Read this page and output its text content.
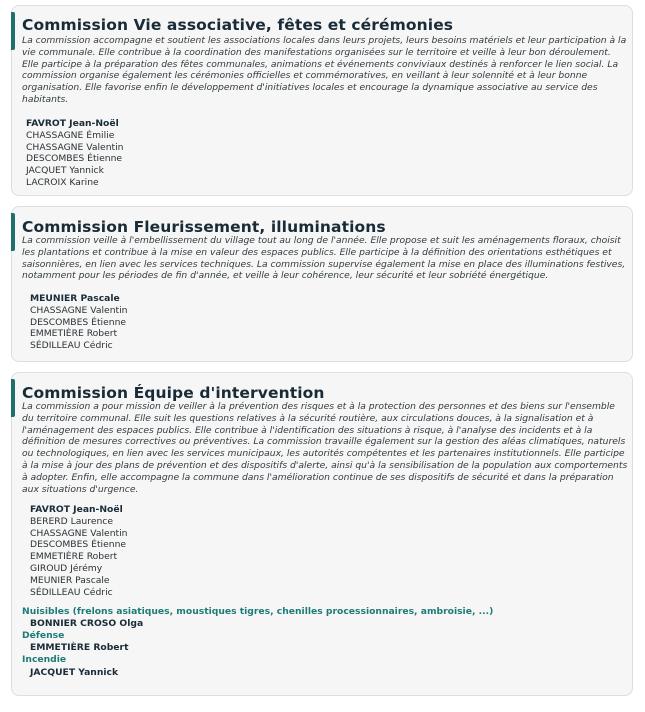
Commission Vie associative, fêtes et cérémonies

La commission accompagne et soutient les associations locales dans leurs projets, leurs besoins matériels et leur participation à la vie communale. Elle contribue à la coordination des manifestations organisées sur le territoire et veille à leur bon déroulement. Elle participe à la préparation des fêtes communales, animations et événements conviviaux destinés à renforcer le lien social. La commission organise également les cérémonies officielles et commémoratives, en veillant à leur solennité et à leur bonne organisation. Elle favorise enfin le développement d'initiatives locales et encourage la dynamique associative au service des habitants.

FAVROT Jean-Noël
CHASSAGNE Émilie
CHASSAGNE Valentin
DESCOMBES Étienne
JACQUET Yannick
LACROIX Karine
Commission Fleurissement, illuminations

La commission veille à l'embellissement du village tout au long de l'année. Elle propose et suit les aménagements floraux, choisit les plantations et contribue à la mise en valeur des espaces publics. Elle participe à la définition des orientations esthétiques et saisonnières, en lien avec les services techniques. La commission supervise également la mise en place des illuminations festives, notamment pour les périodes de fin d'année, et veille à leur cohérence, leur sécurité et leur sobriété énergétique.

MEUNIER Pascale
CHASSAGNE Valentin
DESCOMBES Étienne
EMMETIÈRE Robert
SÉDILLEAU Cédric
Commission Équipe d'intervention

La commission a pour mission de veiller à la prévention des risques et à la protection des personnes et des biens sur l'ensemble du territoire communal. Elle suit les questions relatives à la sécurité routière, aux circulations douces, à la signalisation et à l'aménagement des espaces publics. Elle contribue à l'identification des situations à risque, à l'analyse des incidents et à la définition de mesures correctives ou préventives. La commission travaille également sur la gestion des aléas climatiques, naturels ou technologiques, en lien avec les services municipaux, les autorités compétentes et les partenaires institutionnels. Elle participe à la mise à jour des plans de prévention et des dispositifs d'alerte, ainsi qu'à la sensibilisation de la population aux comportements à adopter. Enfin, elle accompagne la commune dans l'amélioration continue de ses dispositifs de sécurité et dans la préparation aux situations d'urgence.

FAVROT Jean-Noël
BERERD Laurence
CHASSAGNE Valentin
DESCOMBES Étienne
EMMETIÈRE Robert
GIROUD Jérémy
MEUNIER Pascale
SÉDILLEAU Cédric
Nuisibles (frelons asiatiques, moustiques tigres, chenilles processionnaires, ambroisie, ...)
BONNIER CROSO Olga
Défense
EMMETIÈRE Robert
Incendie
JACQUET Yannick
